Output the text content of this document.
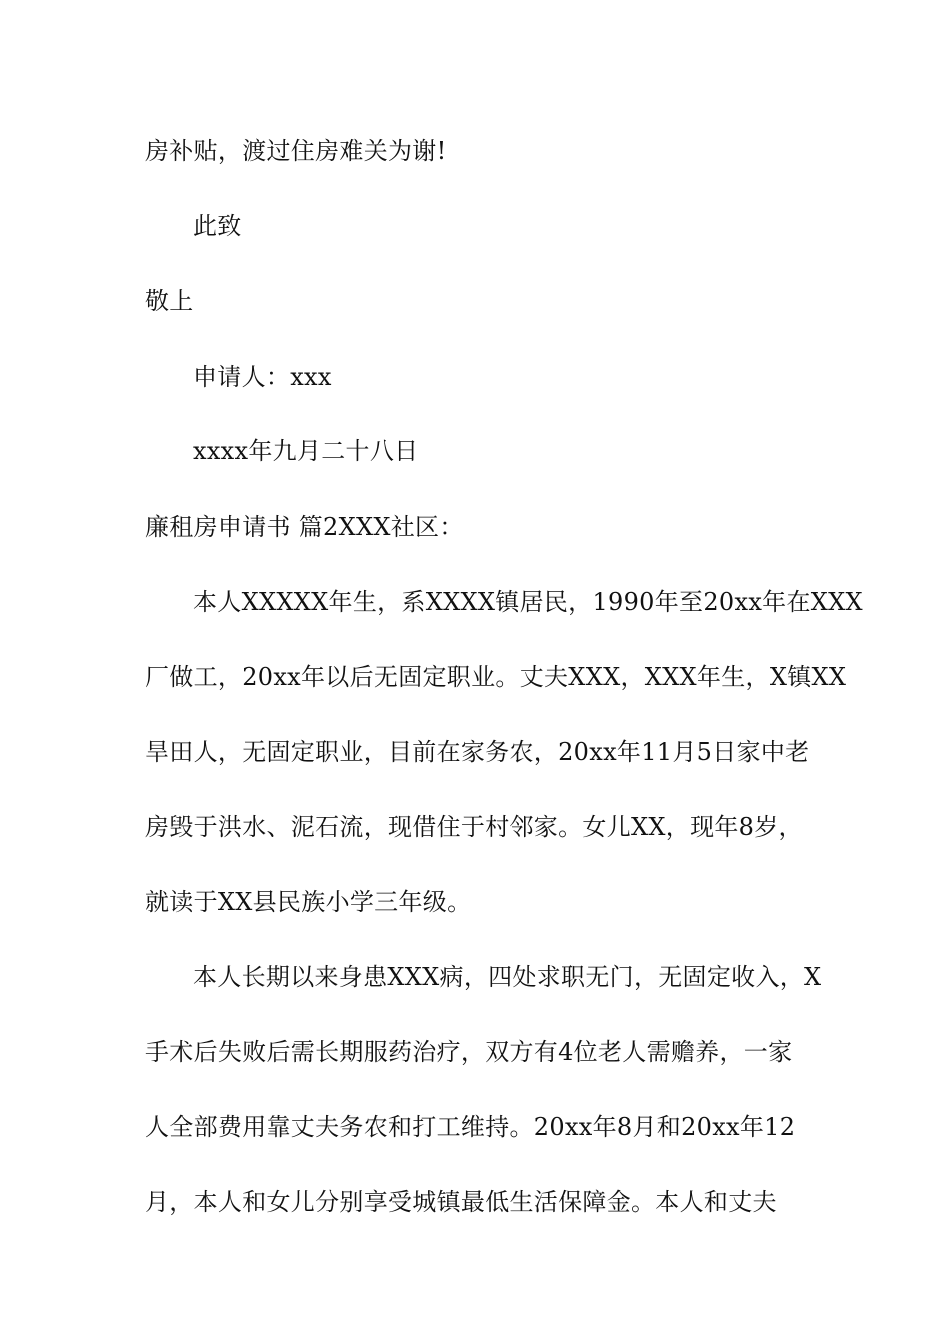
房补贴，渡过住房难关为谢!
此致
敬上
申请人：xxx
xxxx年九月二十八日
廉租房申请书 篇2XXX社区：
本人XXXXX年生，系XXXX镇居民，1990年至20xx年在XXX
厂做工，20xx年以后无固定职业。丈夫XXX，XXX年生，X镇XX
旱田人，无固定职业，目前在家务农，20xx年11月5日家中老
房毁于洪水、泥石流，现借住于村邻家。女儿XX，现年8岁，
就读于XX县民族小学三年级。
本人长期以来身患XXX病，四处求职无门，无固定收入，X
手术后失败后需长期服药治疗，双方有4位老人需赡养，一家
人全部费用靠丈夫务农和打工维持。20xx年8月和20xx年12
月，本人和女儿分别享受城镇最低生活保障金。本人和丈夫
